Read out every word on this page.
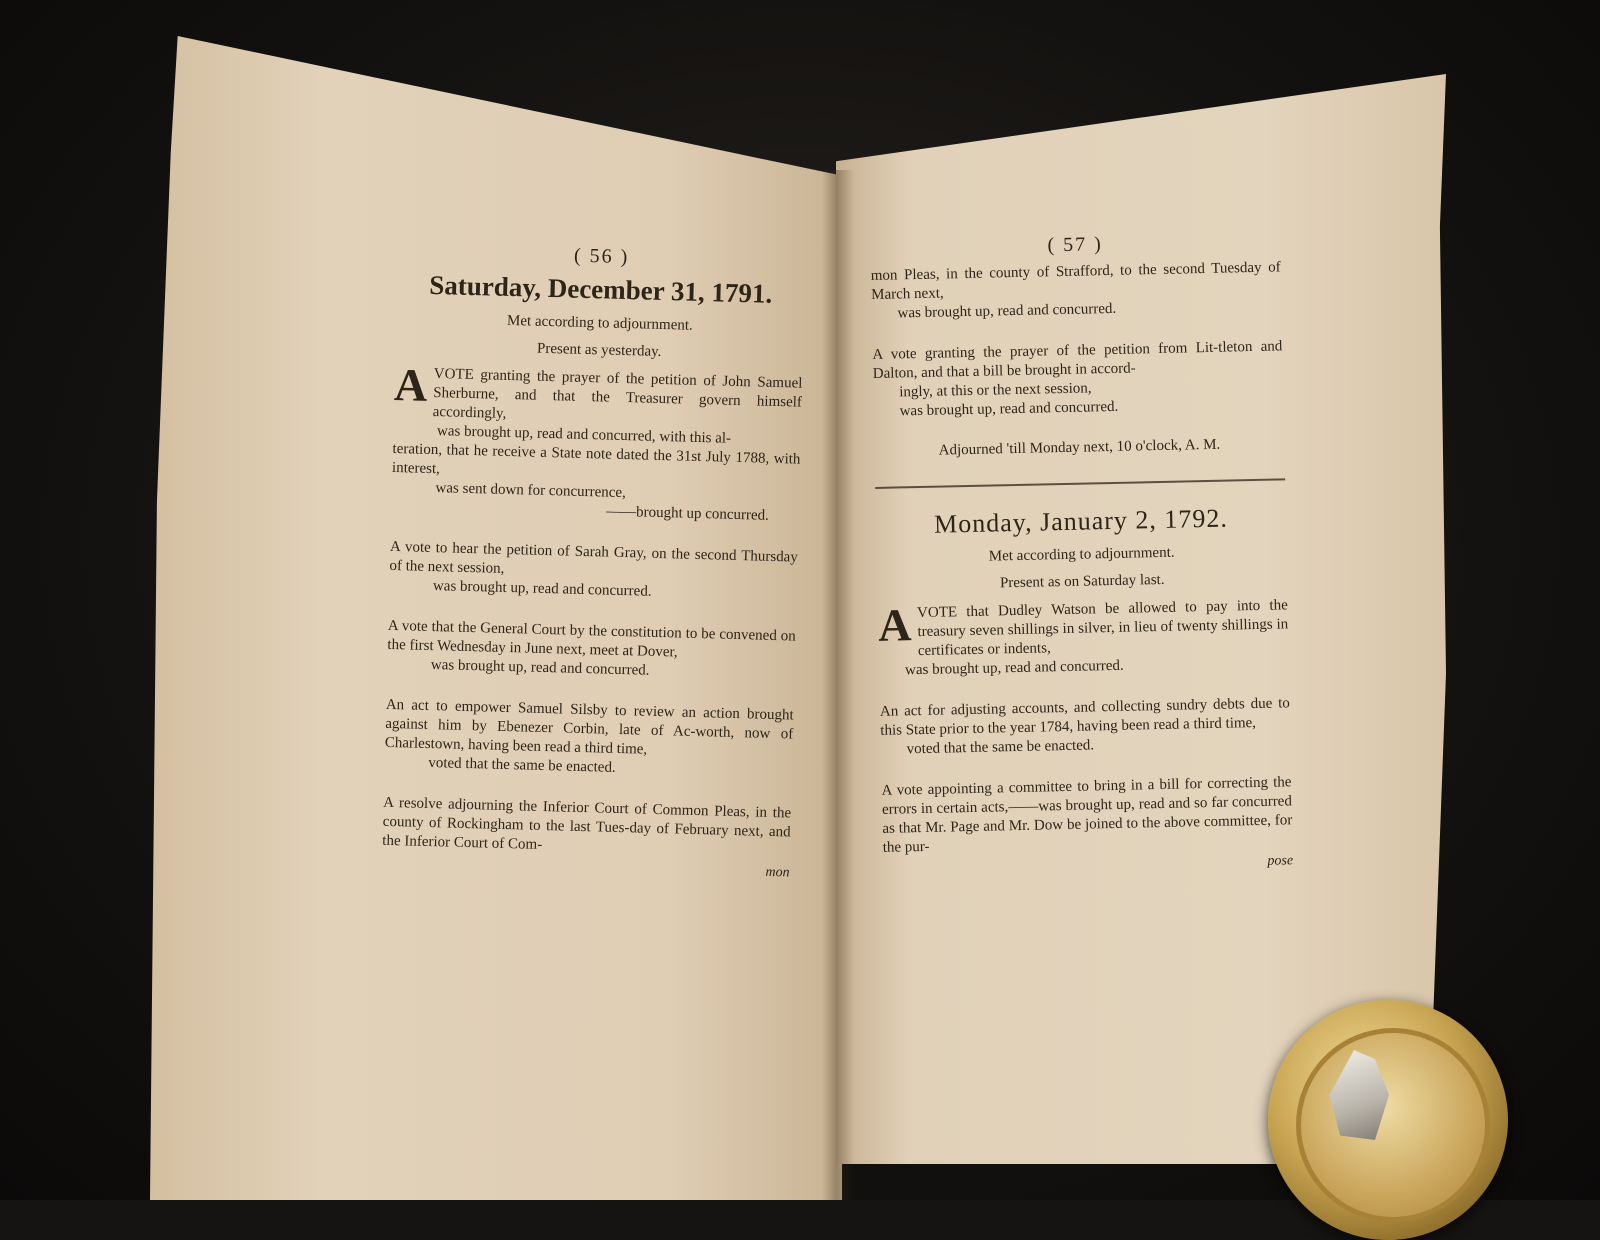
( 56 )
Saturday, December 31, 1791.
Met according to adjournment.
Present as yesterday.
A VOTE granting the prayer of the petition of John Samuel Sherburne, and that the Treasurer govern himself accordingly,

was brought up, read and concurred, with this al-

teration, that he receive a State note dated the 31st July 1788, with interest,

was sent down for concurrence,

——brought up concurred.

A vote to hear the petition of Sarah Gray, on the second Thursday of the next session,

was brought up, read and concurred.

A vote that the General Court by the constitution to be convened on the first Wednesday in June next, meet at Dover,

was brought up, read and concurred.

An act to empower Samuel Silsby to review an action brought against him by Ebenezer Corbin, late of Ac-worth, now of Charlestown, having been read a third time,

voted that the same be enacted.

A resolve adjourning the Inferior Court of Common Pleas, in the county of Rockingham to the last Tues-day of February next, and the Inferior Court of Com-

mon
( 57 )

mon Pleas, in the county of Strafford, to the second Tuesday of March next,

was brought up, read and concurred.

A vote granting the prayer of the petition from Lit-tleton and Dalton, and that a bill be brought in accord-

ingly, at this or the next session,

was brought up, read and concurred.

Adjourned 'till Monday next, 10 o'clock, A. M.
Monday, January 2, 1792.
Met according to adjournment.
Present as on Saturday last.
A VOTE that Dudley Watson be allowed to pay into the treasury seven shillings in silver, in lieu of twenty shillings in certificates or indents,

was brought up, read and concurred.

An act for adjusting accounts, and collecting sundry debts due to this State prior to the year 1784, having been read a third time,

voted that the same be enacted.

A vote appointing a committee to bring in a bill for correcting the errors in certain acts,——was brought up, read and so far concurred as that Mr. Page and Mr. Dow be joined to the above committee, for the pur-

pose
